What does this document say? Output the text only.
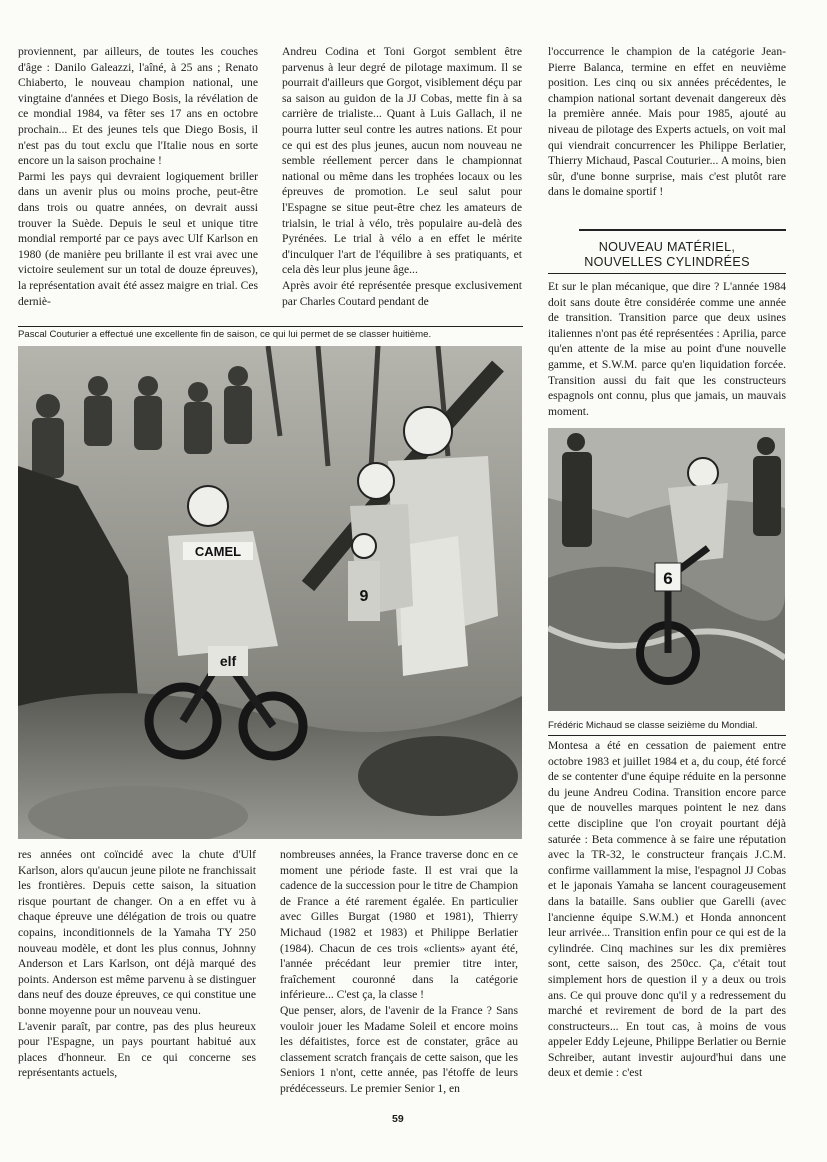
proviennent, par ailleurs, de toutes les couches d'âge : Danilo Galeazzi, l'aîné, à 25 ans ; Renato Chiaberto, le nouveau champion national, une vingtaine d'années et Diego Bosis, la révélation de ce mondial 1984, va fêter ses 17 ans en octobre prochain... Et des jeunes tels que Diego Bosis, il n'est pas du tout exclu que l'Italie nous en sorte encore un la saison prochaine !

Parmi les pays qui devraient logiquement briller dans un avenir plus ou moins proche, peut-être dans trois ou quatre années, on devrait aussi trouver la Suède. Depuis le seul et unique titre mondial remporté par ce pays avec Ulf Karlson en 1980 (de manière peu brillante il est vrai avec une victoire seulement sur un total de douze épreuves), la représentation avait été assez maigre en trial. Ces derniè-

Andreu Codina et Toni Gorgot semblent être parvenus à leur degré de pilotage maximum. Il se pourrait d'ailleurs que Gorgot, visiblement déçu par sa saison au guidon de la JJ Cobas, mette fin à sa carrière de trialiste... Quant à Luis Gallach, il ne pourra lutter seul contre les autres nations. Et pour ce qui est des plus jeunes, aucun nom nouveau ne semble réellement percer dans le championnat national ou même dans les trophées locaux ou les épreuves de promotion. Le seul salut pour l'Espagne se situe peut-être chez les amateurs de trialsin, le trial à vélo, très populaire au-delà des Pyrénées. Le trial à vélo a en effet le mérite d'inculquer l'art de l'équilibre à ses pratiquants, et cela dès leur plus jeune âge...

Après avoir été représentée presque exclusivement par Charles Coutard pendant de

l'occurrence le champion de la catégorie Jean-Pierre Balanca, termine en effet en neuvième position. Les cinq ou six années précédentes, le champion national sortant devenait dangereux dès la première année. Mais pour 1985, ajouté au niveau de pilotage des Experts actuels, on voit mal qui viendrait concurrencer les Philippe Berlatier, Thierry Michaud, Pascal Couturier... A moins, bien sûr, d'une bonne surprise, mais c'est plutôt rare dans le domaine sportif !

NOUVEAU MATÉRIEL,
NOUVELLES CYLINDRÉES

Et sur le plan mécanique, que dire ? L'année 1984 doit sans doute être considérée comme une année de transition. Transition parce que deux usines italiennes n'ont pas été représentées : Aprilia, parce qu'en attente de la mise au point d'une nouvelle gamme, et S.W.M. parce qu'en liquidation forcée. Transition aussi du fait que les constructeurs espagnols ont connu, plus que jamais, un mauvais moment.

Pascal Couturier a effectué une excellente fin de saison, ce qui lui permet de se classer huitième.
CAMEL
elf
9
6
Frédéric Michaud se classe seizième du Mondial.

res années ont coïncidé avec la chute d'Ulf Karlson, alors qu'aucun jeune pilote ne franchissait les frontières. Depuis cette saison, la situation risque pourtant de changer. On a en effet vu à chaque épreuve une délégation de trois ou quatre copains, inconditionnels de la Yamaha TY 250 nouveau modèle, et dont les plus connus, Johnny Anderson et Lars Karlson, ont déjà marqué des points. Anderson est même parvenu à se distinguer dans neuf des douze épreuves, ce qui constitue une bonne moyenne pour un nouveau venu.

L'avenir paraît, par contre, pas des plus heureux pour l'Espagne, un pays pourtant habitué aux places d'honneur. En ce qui concerne ses représentants actuels,

nombreuses années, la France traverse donc en ce moment une période faste. Il est vrai que la cadence de la succession pour le titre de Champion de France a été rarement égalée. En particulier avec Gilles Burgat (1980 et 1981), Thierry Michaud (1982 et 1983) et Philippe Berlatier (1984). Chacun de ces trois «clients» ayant été, l'année précédant leur premier titre inter, fraîchement couronné dans la catégorie inférieure... C'est ça, la classe !

Que penser, alors, de l'avenir de la France ? Sans vouloir jouer les Madame Soleil et encore moins les défaitistes, force est de constater, grâce au classement scratch français de cette saison, que les Seniors 1 n'ont, cette année, pas l'étoffe de leurs prédécesseurs. Le premier Senior 1, en

Montesa a été en cessation de paiement entre octobre 1983 et juillet 1984 et a, du coup, été forcé de se contenter d'une équipe réduite en la personne du jeune Andreu Codina. Transition encore parce que de nouvelles marques pointent le nez dans cette discipline que l'on croyait pourtant déjà saturée : Beta commence à se faire une réputation avec la TR-32, le constructeur français J.C.M. confirme vaillamment la mise, l'espagnol JJ Cobas et le japonais Yamaha se lancent courageusement dans la bataille. Sans oublier que Garelli (avec l'ancienne équipe S.W.M.) et Honda annoncent leur arrivée... Transition enfin pour ce qui est de la cylindrée. Cinq machines sur les dix premières sont, cette saison, des 250cc. Ça, c'était tout simplement hors de question il y a deux ou trois ans. Ce qui prouve donc qu'il y a redressement du marché et revirement de bord de la part des constructeurs... En tout cas, à moins de vous appeler Eddy Lejeune, Philippe Berlatier ou Bernie Schreiber, autant investir aujourd'hui dans une deux et demie : c'est

59
